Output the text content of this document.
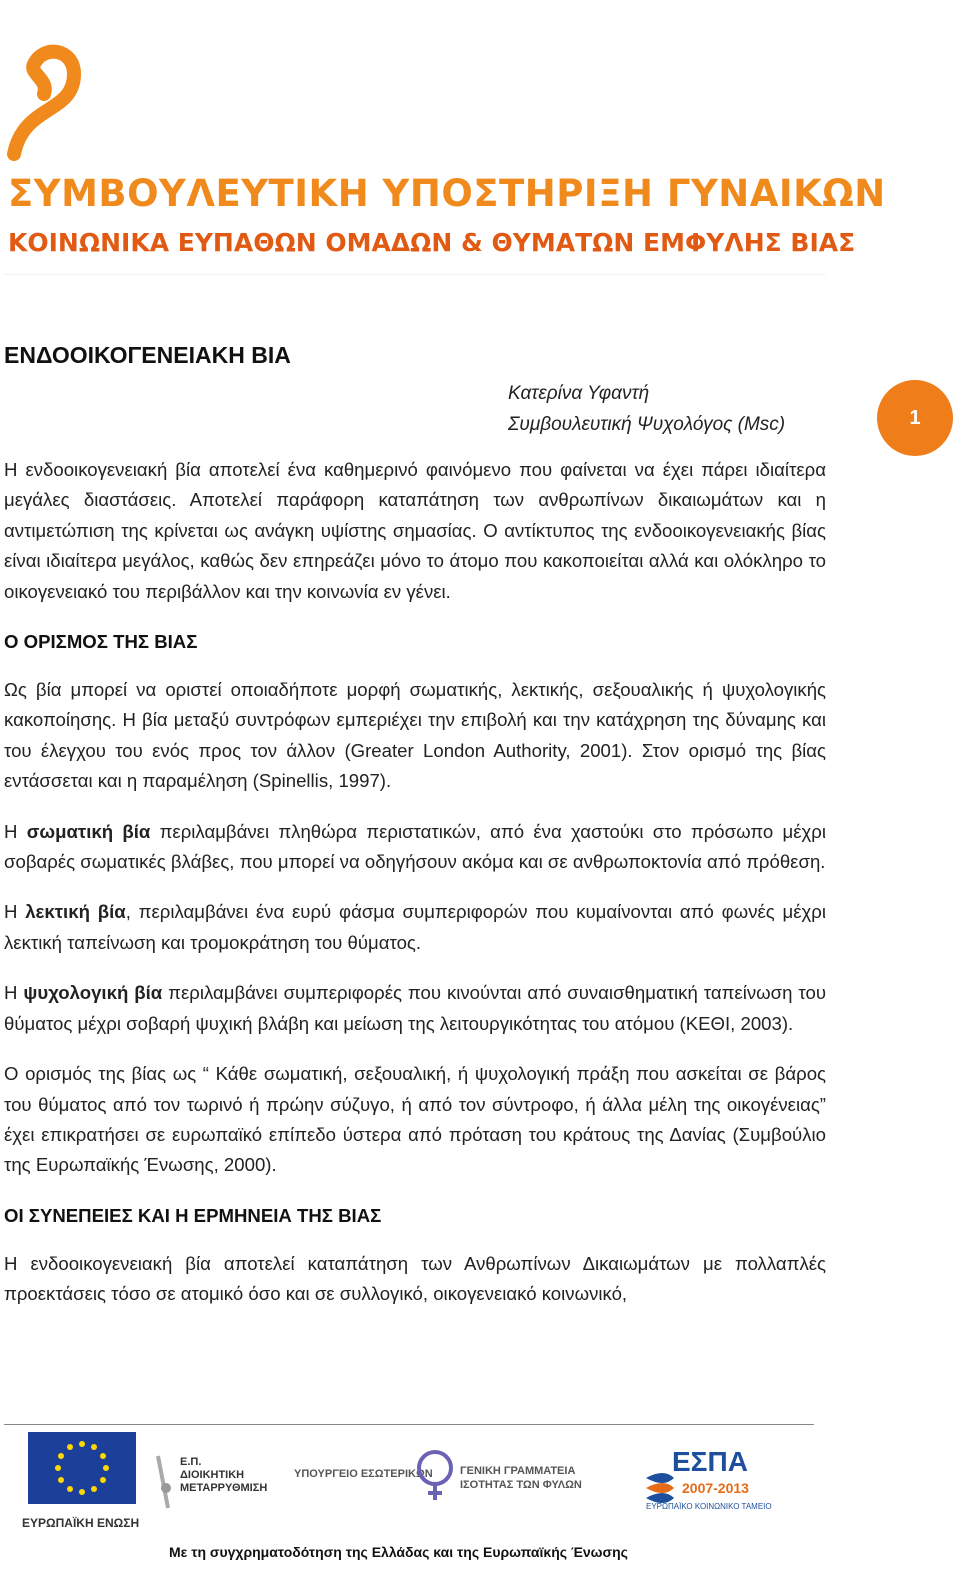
ΣΥΜΒΟΥΛΕΥΤΙΚΗ ΥΠΟΣΤΗΡΙΞΗ ΓΥΝΑΙΚΩΝ
ΚΟΙΝΩΝΙΚΑ ΕΥΠΑΘΩΝ ΟΜΑΔΩΝ & ΘΥΜΑΤΩΝ ΕΜΦΥΛΗΣ ΒΙΑΣ
ΕΝΔΟΟΙΚΟΓΕΝΕΙΑΚΗ ΒΙΑ
Κατερίνα Υφαντή
Συμβουλευτική Ψυχολόγος (Msc)	1

Η ενδοοικογενειακή βία αποτελεί ένα καθημερινό φαινόμενο που φαίνεται να έχει πάρει ιδιαίτερα μεγάλες διαστάσεις. Αποτελεί παράφορη καταπάτηση των ανθρωπίνων δικαιωμάτων και η αντιμετώπιση της κρίνεται ως ανάγκη υψίστης σημασίας. Ο αντίκτυπος της ενδοοικογενειακής βίας είναι ιδιαίτερα μεγάλος, καθώς δεν επηρεάζει μόνο το άτομο που κακοποιείται αλλά και ολόκληρο το οικογενειακό του περιβάλλον και την κοινωνία εν γένει.

Ο ΟΡΙΣΜΟΣ ΤΗΣ ΒΙΑΣ

Ως βία μπορεί να οριστεί οποιαδήποτε μορφή σωματικής, λεκτικής, σεξουαλικής ή ψυχολογικής κακοποίησης. Η βία μεταξύ συντρόφων εμπεριέχει την επιβολή και την κατάχρηση της δύναμης και του έλεγχου του ενός προς τον άλλον (Greater London Authority, 2001). Στον ορισμό της βίας εντάσσεται και η παραμέληση (Spinellis, 1997).

Η σωματική βία περιλαμβάνει πληθώρα περιστατικών, από ένα χαστούκι στο πρόσωπο μέχρι σοβαρές σωματικές βλάβες, που μπορεί να οδηγήσουν ακόμα και σε ανθρωποκτονία από πρόθεση.

Η λεκτική βία, περιλαμβάνει ένα ευρύ φάσμα συμπεριφορών που κυμαίνονται από φωνές μέχρι λεκτική ταπείνωση και τρομοκράτηση του θύματος.

Η ψυχολογική βία περιλαμβάνει συμπεριφορές που κινούνται από συναισθηματική ταπείνωση του θύματος μέχρι σοβαρή ψυχική βλάβη και μείωση της λειτουργικότητας του ατόμου (ΚΕΘΙ, 2003).

Ο ορισμός της βίας ως “ Κάθε σωματική, σεξουαλική, ή ψυχολογική πράξη που ασκείται σε βάρος του θύματος από τον τωρινό ή πρώην σύζυγο, ή από τον σύντροφο, ή άλλα μέλη της οικογένειας” έχει επικρατήσει σε ευρωπαϊκό επίπεδο ύστερα από πρόταση του κράτους της Δανίας (Συμβούλιο της Ευρωπαϊκής Ένωσης, 2000).

ΟΙ ΣΥΝΕΠΕΙΕΣ ΚΑΙ Η ΕΡΜΗΝΕΙΑ ΤΗΣ ΒΙΑΣ

Η ενδοοικογενειακή βία αποτελεί καταπάτηση των Ανθρωπίνων Δικαιωμάτων με πολλαπλές προεκτάσεις τόσο σε ατομικό όσο και σε συλλογικό, οικογενειακό κοινωνικό,

ΕΥΡΩΠΑΪΚΗ ΕΝΩΣΗ
Ε.Π.
ΔΙΟΙΚΗΤΙΚΗ
ΜΕΤΑΡΡΥΘΜΙΣΗ
ΥΠΟΥΡΓΕΙΟ ΕΣΩΤΕΡΙΚΩΝ ΓΕΝΙΚΗ ΓΡΑΜΜΑΤΕΙΑ
ΙΣΟΤΗΤΑΣ ΤΩΝ ΦΥΛΩΝ
ΕΣΠΑ
2007-2013
ΕΥΡΩΠΑΪΚΟ ΚΟΙΝΩΝΙΚΟ ΤΑΜΕΙΟ
Με τη συγχρηματοδότηση της Ελλάδας και της Ευρωπαϊκής Ένωσης
